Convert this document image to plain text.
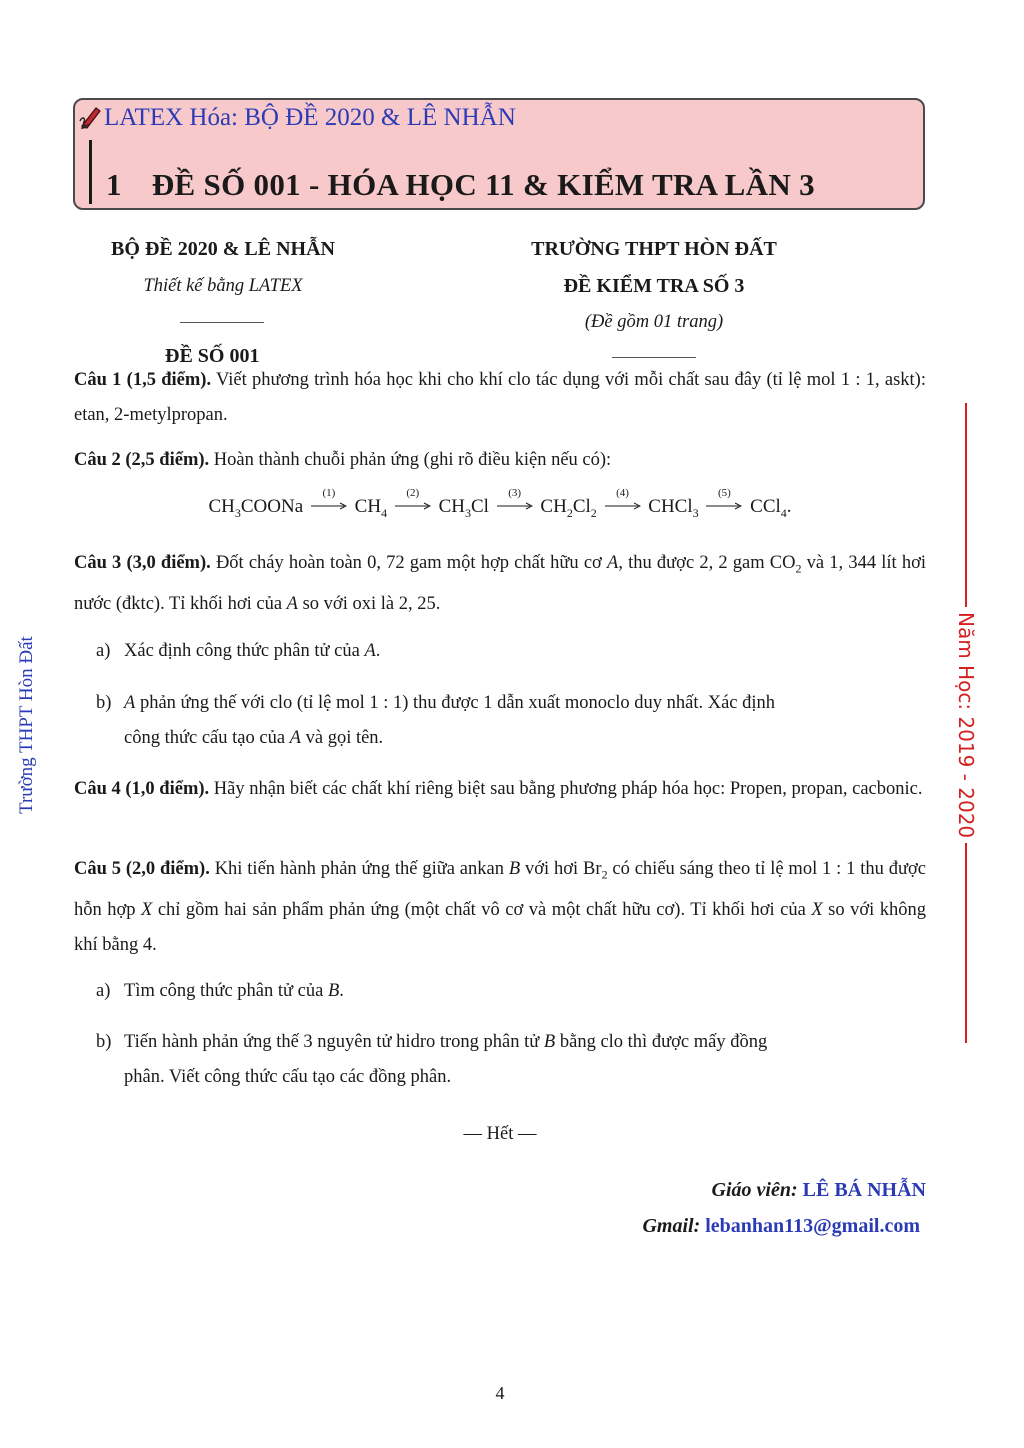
LATEX Hóa: BỘ ĐỀ 2020 & LÊ NHẪN
1 ĐỀ SỐ 001 - HÓA HỌC 11 & KIỂM TRA LẦN 3
BỘ ĐỀ 2020 & LÊ NHẪN
Thiết kế bằng LATEX
ĐỀ SỐ 001
TRƯỜNG THPT HÒN ĐẤT
ĐỀ KIỂM TRA SỐ 3
(Đề gồm 01 trang)
Câu 1 (1,5 điểm). Viết phương trình hóa học khi cho khí clo tác dụng với mỗi chất sau đây (tỉ lệ mol 1 : 1, askt): etan, 2-metylpropan.
Câu 2 (2,5 điểm). Hoàn thành chuỗi phản ứng (ghi rõ điều kiện nếu có):
$CH_3COONa$
(1)
$CH_4$
(2)
$CH_3Cl$
(3)
$CH_2Cl_2$
(4)
CHCl$_3$
(5)
CCl$_4$.
Câu 3 (3,0 điểm). Đốt cháy hoàn toàn 0, 72 gam một hợp chất hữu cơ A, thu được 2, 2 gam $CO_2$ và 1, 344 lít hơi nước (đktc). Tỉ khối hơi của A so với oxi là 2, 25.
a) Xác định công thức phân tử của A.
b) A phản ứng thế với clo (tỉ lệ mol 1 : 1) thu được 1 dẫn xuất monoclo duy nhất. Xác định
công thức cấu tạo của A và gọi tên.
Câu 4 (1,0 điểm). Hãy nhận biết các chất khí riêng biệt sau bằng phương pháp hóa học: Propen, propan, cacbonic.
Câu 5 (2,0 điểm). Khi tiến hành phản ứng thế giữa ankan B với hơi $Br_2$ có chiếu sáng theo tỉ lệ mol 1 : 1 thu được hỗn hợp X chỉ gồm hai sản phẩm phản ứng (một chất vô cơ và một chất hữu cơ). Tỉ khối hơi của X so với không khí bằng 4.
a) Tìm công thức phân tử của B.
b) Tiến hành phản ứng thế 3 nguyên tử hidro trong phân tử B bằng clo thì được mấy đồng
phân. Viết công thức cấu tạo các đồng phân.
— Hết —
Giáo viên: LÊ BÁ NHẪN
Gmail: lebanhan113@gmail.com
Trường THPT Hòn Đất	Năm Học: 2019 - 2020
4
